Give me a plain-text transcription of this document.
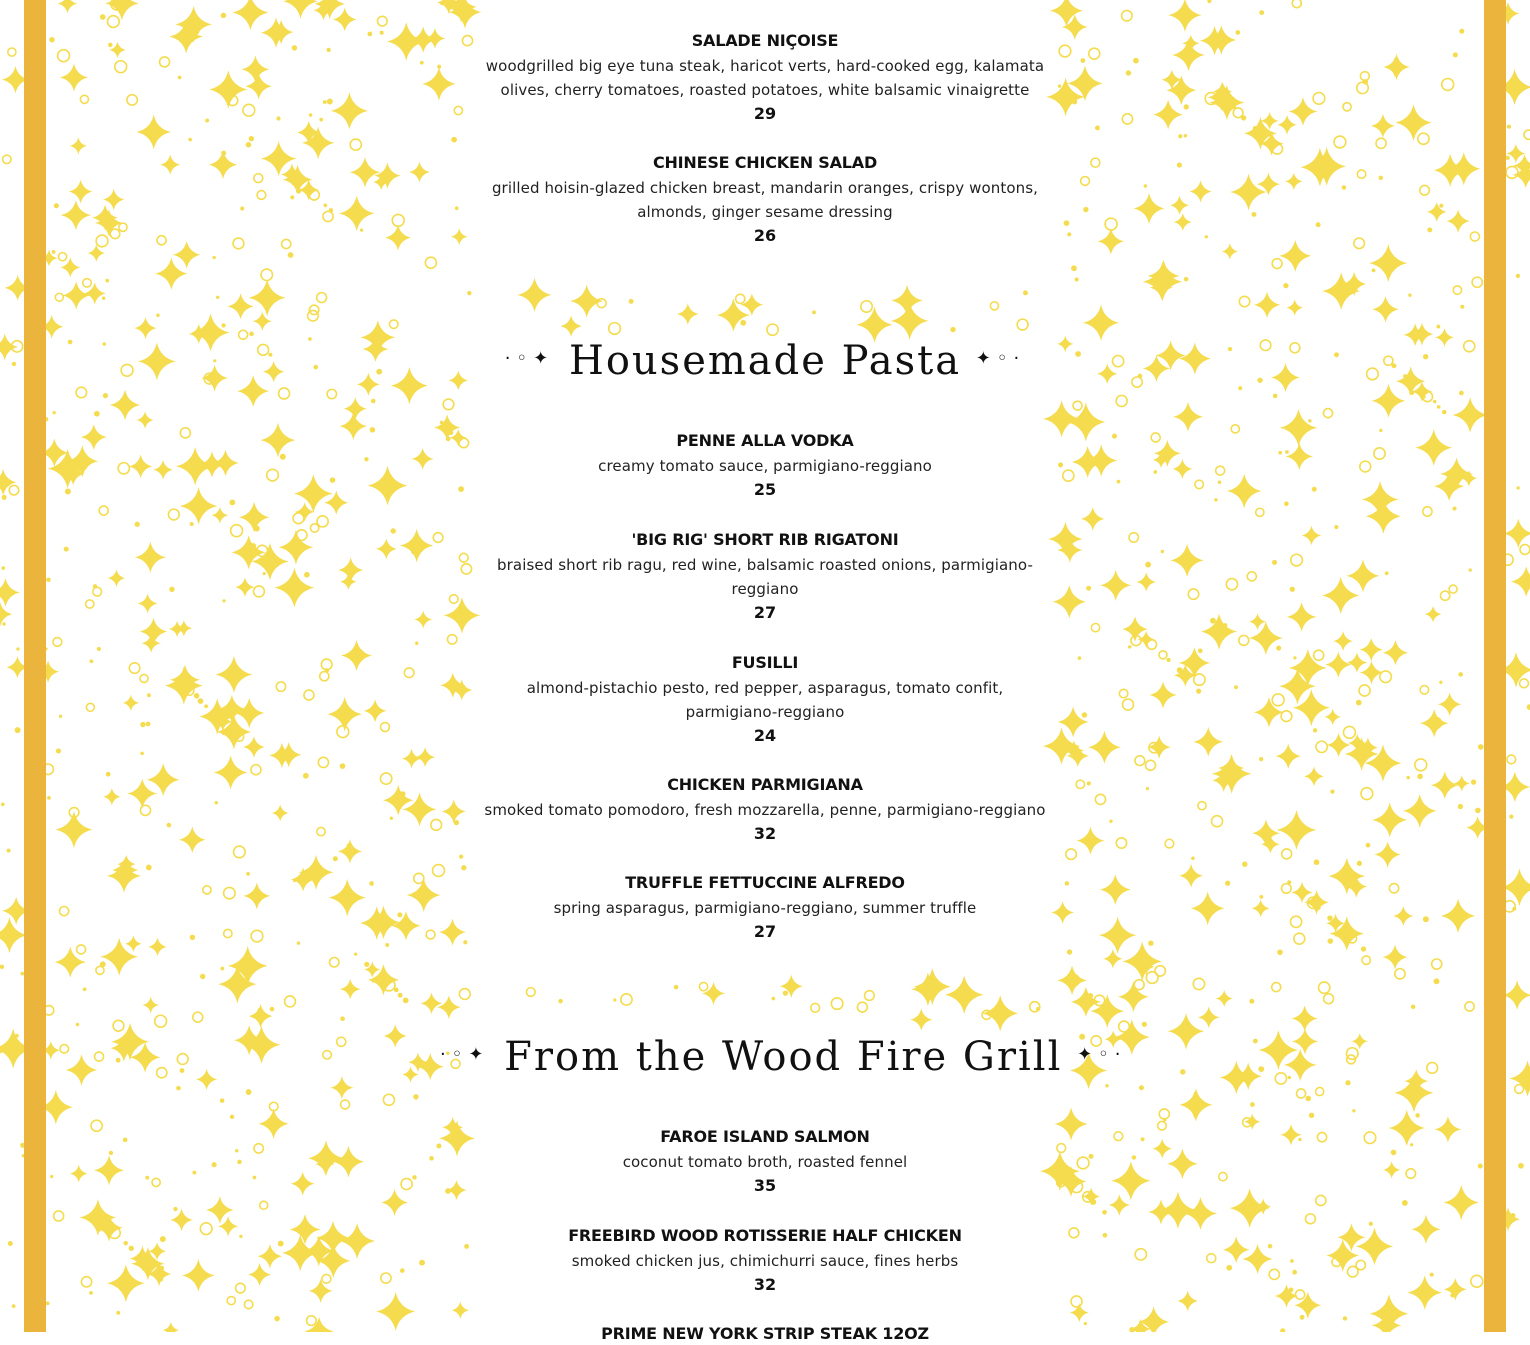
SALADE NIÇOISE

woodgrilled big eye tuna steak, haricot verts, hard-cooked egg, kalamata olives, cherry tomatoes, roasted potatoes, white balsamic vinaigrette

29

CHINESE CHICKEN SALAD

grilled hoisin-glazed chicken breast, mandarin oranges, crispy wontons, almonds, ginger sesame dressing

26

·◦✦ Housemade Pasta ✦◦·

PENNE ALLA VODKA

creamy tomato sauce, parmigiano-reggiano

25

'BIG RIG' SHORT RIB RIGATONI

braised short rib ragu, red wine, balsamic roasted onions, parmigiano-reggiano

27

FUSILLI

almond-pistachio pesto, red pepper, asparagus, tomato confit, parmigiano-reggiano

24

CHICKEN PARMIGIANA

smoked tomato pomodoro, fresh mozzarella, penne, parmigiano-reggiano

32

TRUFFLE FETTUCCINE ALFREDO

spring asparagus, parmigiano-reggiano, summer truffle

27

·◦✦ From the Wood Fire Grill ✦◦·

FAROE ISLAND SALMON

coconut tomato broth, roasted fennel

35

FREEBIRD WOOD ROTISSERIE HALF CHICKEN

smoked chicken jus, chimichurri sauce, fines herbs

32

PRIME NEW YORK STRIP STEAK 12OZ
